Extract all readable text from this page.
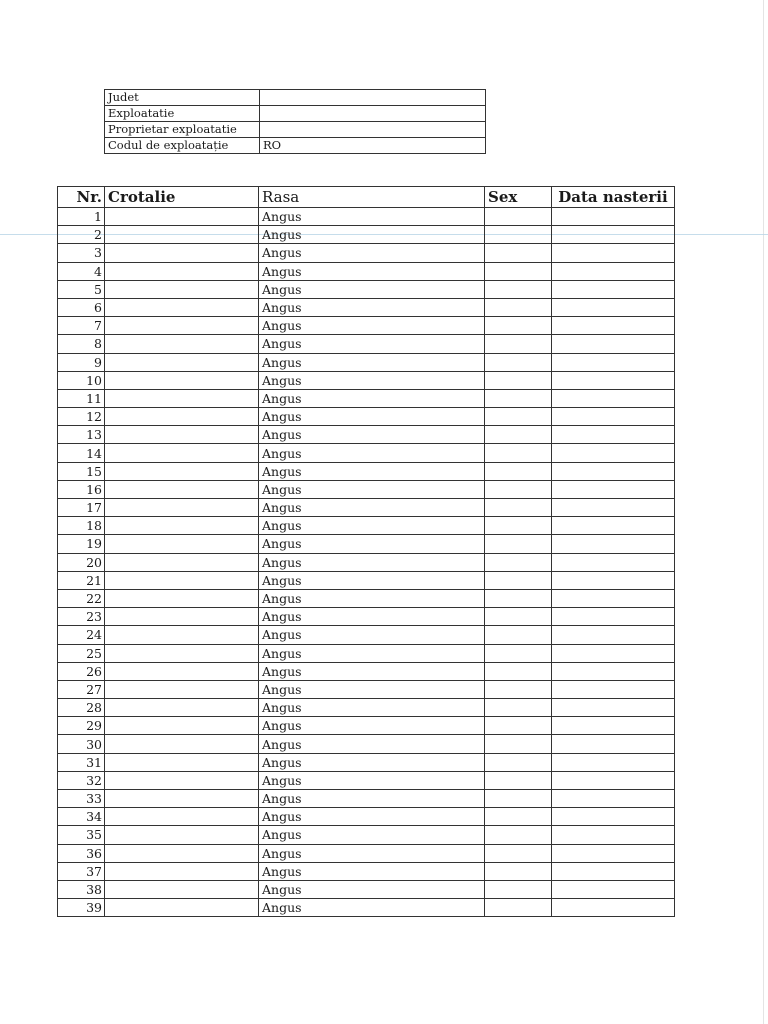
Judet	
Exploatatie	
Proprietar exploatatie	
Codul de exploatație	RO
Nr.	Crotalie	Rasa	Sex	Data nasterii
1		Angus		
2		Angus		
3		Angus		
4		Angus		
5		Angus		
6		Angus		
7		Angus		
8		Angus		
9		Angus		
10		Angus		
11		Angus		
12		Angus		
13		Angus		
14		Angus		
15		Angus		
16		Angus		
17		Angus		
18		Angus		
19		Angus		
20		Angus		
21		Angus		
22		Angus		
23		Angus		
24		Angus		
25		Angus		
26		Angus		
27		Angus		
28		Angus		
29		Angus		
30		Angus		
31		Angus		
32		Angus		
33		Angus		
34		Angus		
35		Angus		
36		Angus		
37		Angus		
38		Angus		
39		Angus		
